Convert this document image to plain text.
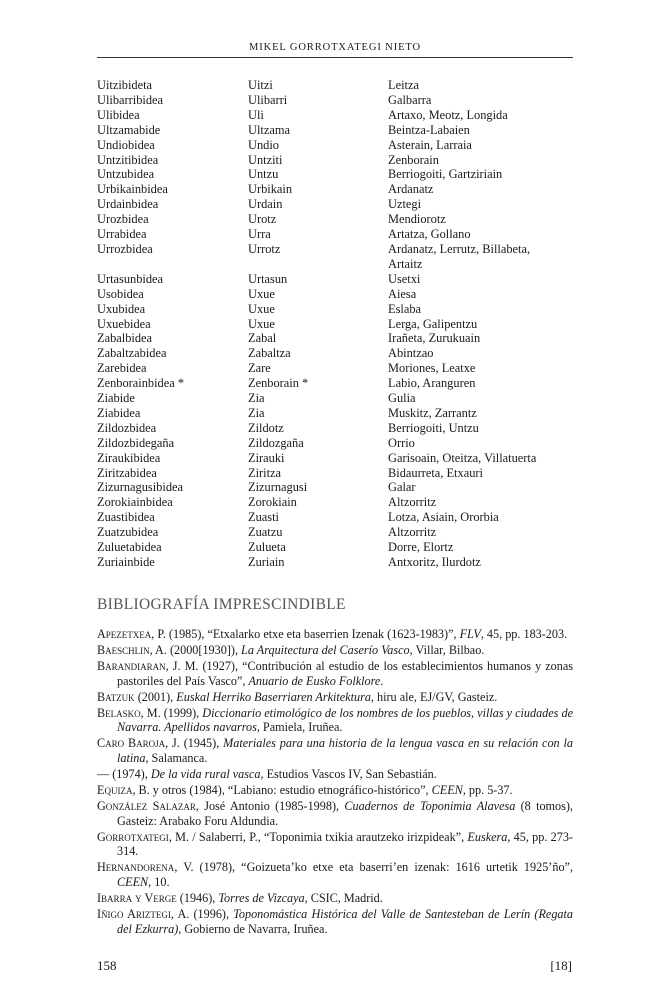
MIKEL GORROTXATEGI NIETO
Uitzibideta	Uitzi	Leitza
Ulibarribidea	Ulibarri	Galbarra
Ulibidea	Uli	Artaxo, Meotz, Longida
Ultzamabide	Ultzama	Beintza-Labaien
Undiobidea	Undio	Asterain, Larraia
Untzitibidea	Untziti	Zenborain
Untzubidea	Untzu	Berriogoiti, Gartziriain
Urbikainbidea	Urbikain	Ardanatz
Urdainbidea	Urdain	Uztegi
Urozbidea	Urotz	Mendiorotz
Urrabidea	Urra	Artatza, Gollano
Urrozbidea	Urrotz	Ardanatz, Lerrutz, Billabeta,
Artaitz
Urtasunbidea	Urtasun	Usetxi
Usobidea	Uxue	Aiesa
Uxubidea	Uxue	Eslaba
Uxuebidea	Uxue	Lerga, Galipentzu
Zabalbidea	Zabal	Irañeta, Zurukuain
Zabaltzabidea	Zabaltza	Abintzao
Zarebidea	Zare	Moriones, Leatxe
Zenborainbidea *	Zenborain *	Labio, Aranguren
Ziabide	Zia	Gulia
Ziabidea	Zia	Muskitz, Zarrantz
Zildozbidea	Zildotz	Berriogoiti, Untzu
Zildozbidegaña	Zildozgaña	Orrio
Ziraukibidea	Zirauki	Garisoain, Oteitza, Villatuerta
Ziritzabidea	Ziritza	Bidaurreta, Etxauri
Zizurnagusibidea	Zizurnagusi	Galar
Zorokiainbidea	Zorokiain	Altzorritz
Zuastibidea	Zuasti	Lotza, Asiain, Ororbia
Zuatzubidea	Zuatzu	Altzorritz
Zuluetabidea	Zulueta	Dorre, Elortz
Zuriainbide	Zuriain	Antxoritz, Ilurdotz
BIBLIOGRAFÍA IMPRESCINDIBLE
Apezetxea, P. (1985), “Etxalarko etxe eta baserrien Izenak (1623-1983)”, FLV, 45, pp. 183-203.
Baeschlin, A. (2000[1930]), La Arquitectura del Caserío Vasco, Villar, Bilbao.
Barandiaran, J. M. (1927), “Contribución al estudio de los establecimientos humanos y zonas pastoriles del País Vasco”, Anuario de Eusko Folklore.
Batzuk (2001), Euskal Herriko Baserriaren Arkitektura, hiru ale, EJ/GV, Gasteiz.
Belasko, M. (1999), Diccionario etimológico de los nombres de los pueblos, villas y ciudades de Navarra. Apellidos navarros, Pamiela, Iruñea.
Caro Baroja, J. (1945), Materiales para una historia de la lengua vasca en su relación con la latina, Salamanca.
— (1974), De la vida rural vasca, Estudios Vascos IV, San Sebastián.
Equiza, B. y otros (1984), “Labiano: estudio etnográfico-histórico”, CEEN, pp. 5-37.
González Salazar, José Antonio (1985-1998), Cuadernos de Toponimia Alavesa (8 tomos), Gasteiz: Arabako Foru Aldundia.
Gorrotxategi, M. / Salaberri, P., “Toponimia txikia arautzeko irizpideak”, Euskera, 45, pp. 273-314.
Hernandorena, V. (1978), “Goizueta’ko etxe eta baserri’en izenak: 1616 urtetik 1925’ño”, CEEN, 10.
Ibarra y Verge (1946), Torres de Vizcaya, CSIC, Madrid.
Iñigo Ariztegi, A. (1996), Toponomástica Histórica del Valle de Santesteban de Lerín (Regata del Ezkurra), Gobierno de Navarra, Iruñea.
158	[18]
